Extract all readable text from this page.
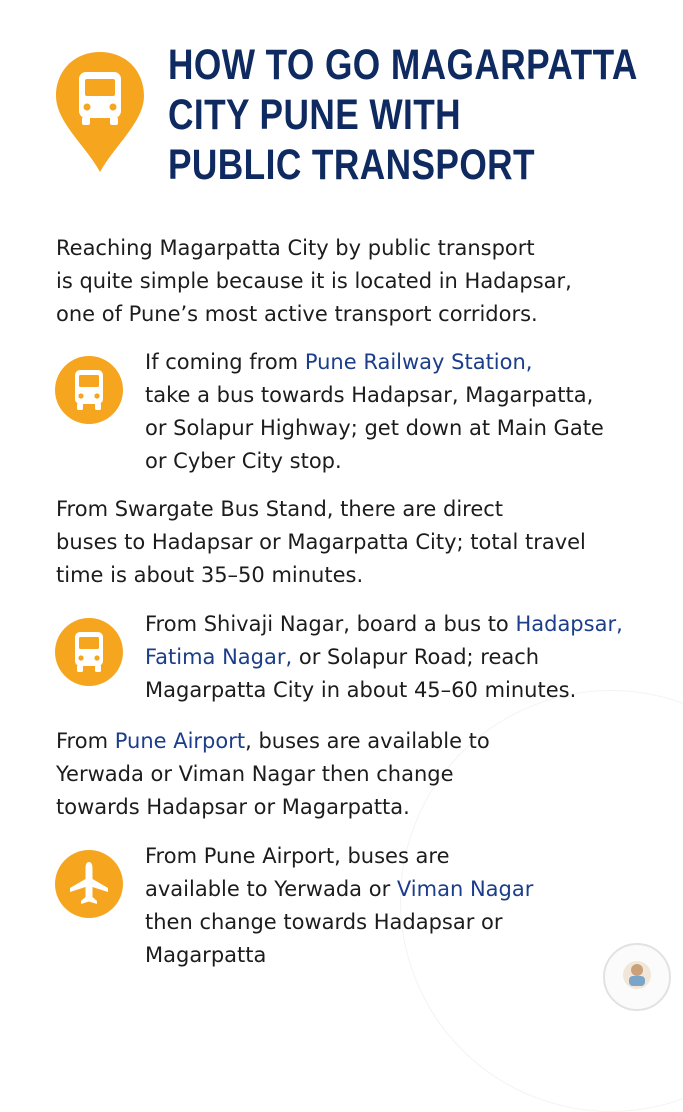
HOW TO GO MAGARPATTA
CITY PUNE WITH
PUBLIC TRANSPORT
Reaching Magarpatta City by public transport
is quite simple because it is located in Hadapsar,
one of Pune’s most active transport corridors.
If coming from Pune Railway Station,
take a bus towards Hadapsar, Magarpatta,
or Solapur Highway; get down at Main Gate
or Cyber City stop.
From Swargate Bus Stand, there are direct
buses to Hadapsar or Magarpatta City; total travel
time is about 35–50 minutes.
From Shivaji Nagar, board a bus to Hadapsar,
Fatima Nagar, or Solapur Road; reach
Magarpatta City in about 45–60 minutes.
From Pune Airport, buses are available to
Yerwada or Viman Nagar then change
towards Hadapsar or Magarpatta.
From Pune Airport, buses are
available to Yerwada or Viman Nagar
then change towards Hadapsar or
Magarpatta
